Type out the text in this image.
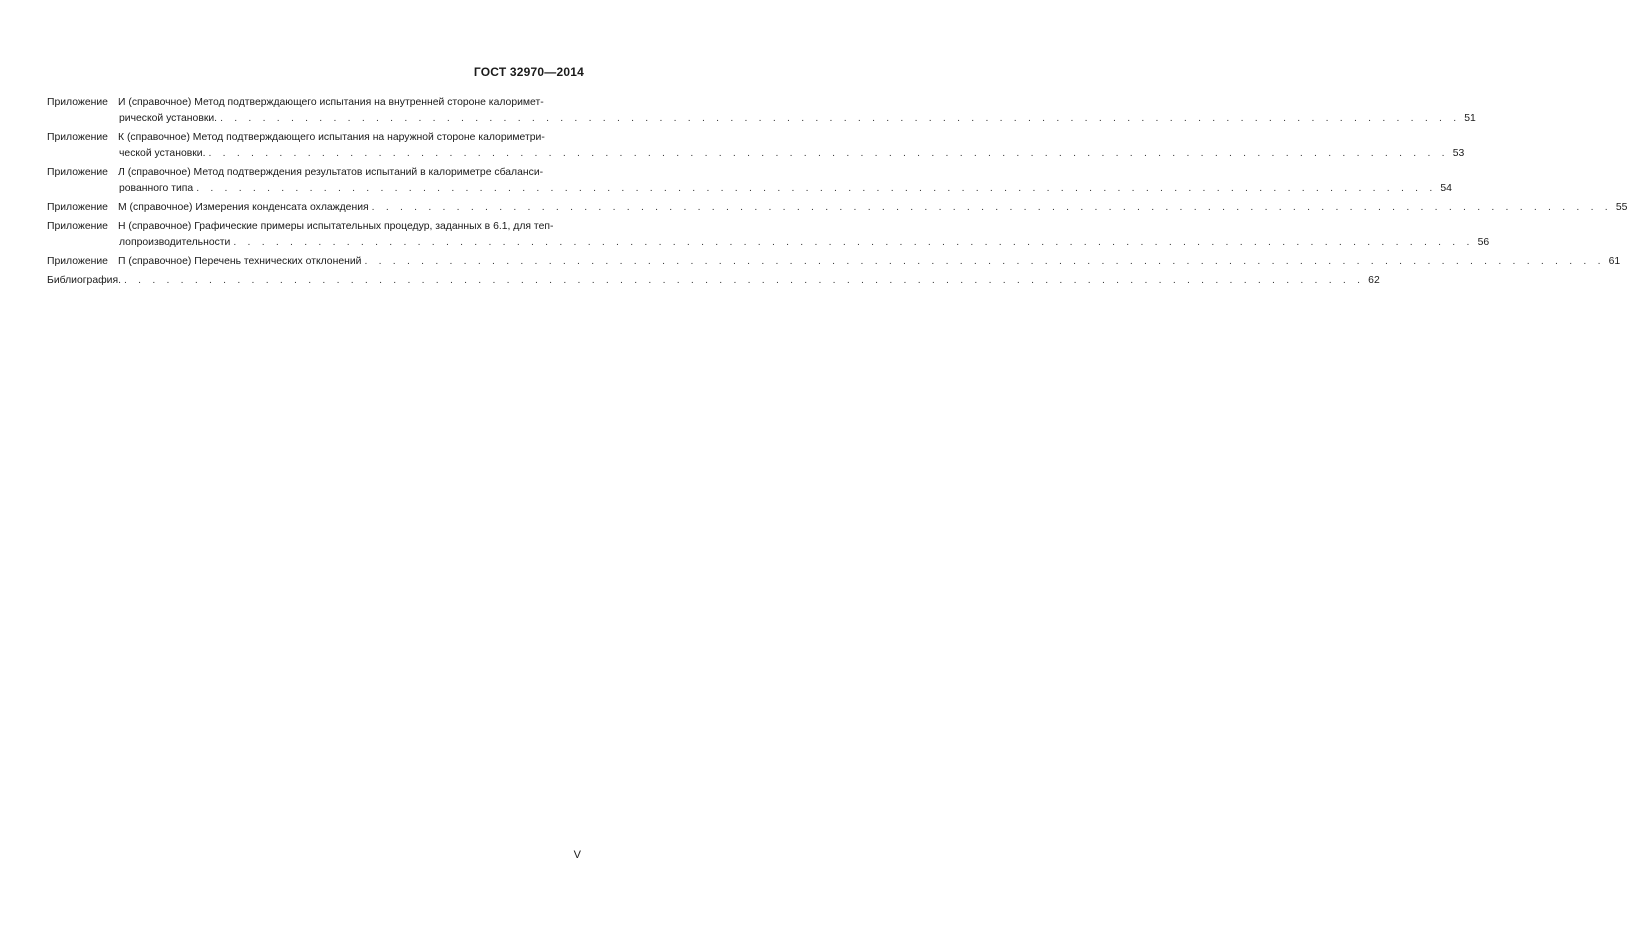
ГОСТ 32970—2014
Приложение И (справочное) Метод подтверждающего испытания на внутренней стороне калоримет-
рической установки. . . .	51
Приложение К (справочное) Метод подтверждающего испытания на наружной стороне калориметри-
ческой установки. . . .	53
Приложение Л (справочное) Метод подтверждения результатов испытаний в калориметре сбаланси-
рованного типа . . .	54
Приложение М (справочное) Измерения конденсата охлаждения . . .	55
Приложение Н (справочное) Графические примеры испытательных процедур, заданных в 6.1, для теп-
лопроизводительности . . .	56
Приложение П (справочное) Перечень технических отклонений . . .	61
Библиография. . . .	62
V
